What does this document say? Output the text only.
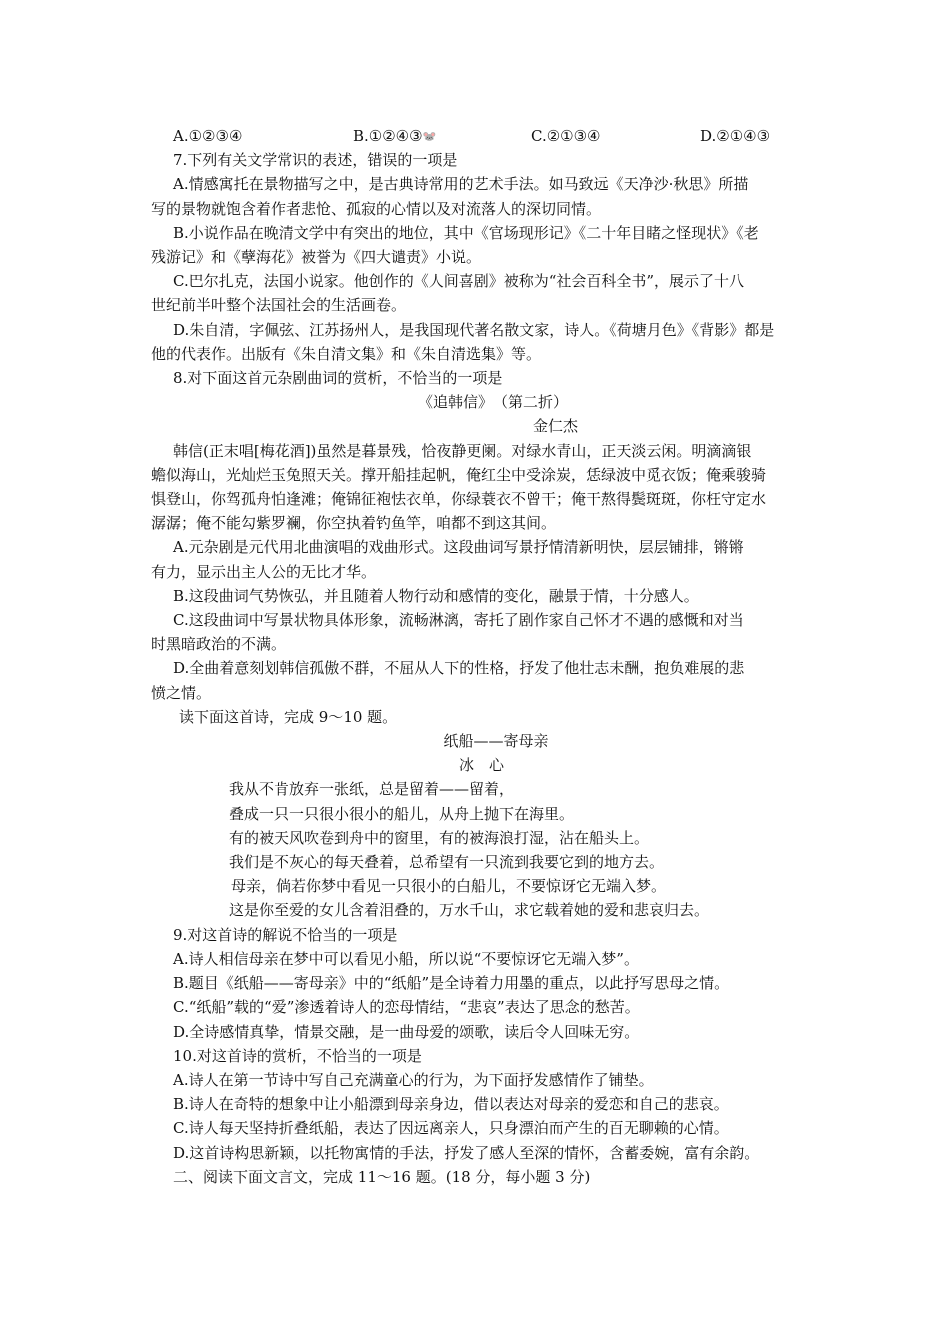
A.①②③④	B.①②④③🐭	C.②①③④	D.②①④③

7.下列有关文学常识的表述，错误的一项是

A.情感寓托在景物描写之中，是古典诗常用的艺术手法。如马致远《天净沙·秋思》所描

写的景物就饱含着作者悲怆、孤寂的心情以及对流落人的深切同情。

B.小说作品在晚清文学中有突出的地位，其中《官场现形记》《二十年目睹之怪现状》《老

残游记》和《孽海花》被誉为《四大谴责》小说。

C.巴尔扎克，法国小说家。他创作的《人间喜剧》被称为“社会百科全书”，展示了十八

世纪前半叶整个法国社会的生活画卷。

D.朱自清，字佩弦、江苏扬州人，是我国现代著名散文家，诗人。《荷塘月色》《背影》都是

他的代表作。出版有《朱自清文集》和《朱自清选集》等。

8.对下面这首元杂剧曲词的赏析，不恰当的一项是

《追韩信》　（第二折）

金仁杰

韩信(正末唱[梅花酒])虽然是暮景残，恰夜静更阑。对绿水青山，正天淡云闲。明滴滴银

蟾似海山，光灿烂玉兔照天关。撑开船挂起帆，俺红尘中受涂炭，恁绿波中觅衣饭；俺乘骏骑

惧登山，你驾孤舟怕逢滩；俺锦征袍怯衣单，你绿蓑衣不曾干；俺干熬得鬓斑斑，你枉守定水

潺潺；俺不能勾紫罗襕，你空执着钓鱼竿，咱都不到这其间。

A.元杂剧是元代用北曲演唱的戏曲形式。这段曲词写景抒情清新明快，层层铺排，锵锵

有力，显示出主人公的无比才华。

B.这段曲词气势恢弘，并且随着人物行动和感情的变化，融景于情，十分感人。

C.这段曲词中写景状物具体形象，流畅淋漓，寄托了剧作家自己怀才不遇的感慨和对当

时黑暗政治的不满。

D.全曲着意刻划韩信孤傲不群，不屈从人下的性格，抒发了他壮志未酬，抱负难展的悲

愤之情。

读下面这首诗，完成 9～10 题。

纸船——寄母亲

冰　心

我从不肯放弃一张纸，总是留着——留着，

叠成一只一只很小很小的船儿，从舟上抛下在海里。

有的被天风吹卷到舟中的窗里，有的被海浪打湿，沾在船头上。

我们是不灰心的每天叠着，总希望有一只流到我要它到的地方去。

母亲，倘若你梦中看见一只很小的白船儿，不要惊讶它无端入梦。

这是你至爱的女儿含着泪叠的，万水千山，求它载着她的爱和悲哀归去。

9.对这首诗的解说不恰当的一项是

A.诗人相信母亲在梦中可以看见小船，所以说“不要惊讶它无端入梦”。

B.题目《纸船——寄母亲》中的“纸船”是全诗着力用墨的重点，以此抒写思母之情。

C.“纸船”载的“爱”渗透着诗人的恋母情结，“悲哀”表达了思念的愁苦。

D.全诗感情真挚，情景交融，是一曲母爱的颂歌，读后令人回味无穷。

10.对这首诗的赏析，不恰当的一项是

A.诗人在第一节诗中写自己充满童心的行为，为下面抒发感情作了铺垫。

B.诗人在奇特的想象中让小船漂到母亲身边，借以表达对母亲的爱恋和自己的悲哀。

C.诗人每天坚持折叠纸船，表达了因远离亲人，只身漂泊而产生的百无聊赖的心情。

D.这首诗构思新颖，以托物寓情的手法，抒发了感人至深的情怀，含蓄委婉，富有余韵。

二、阅读下面文言文，完成 11～16 题。(18 分，每小题 3 分)
